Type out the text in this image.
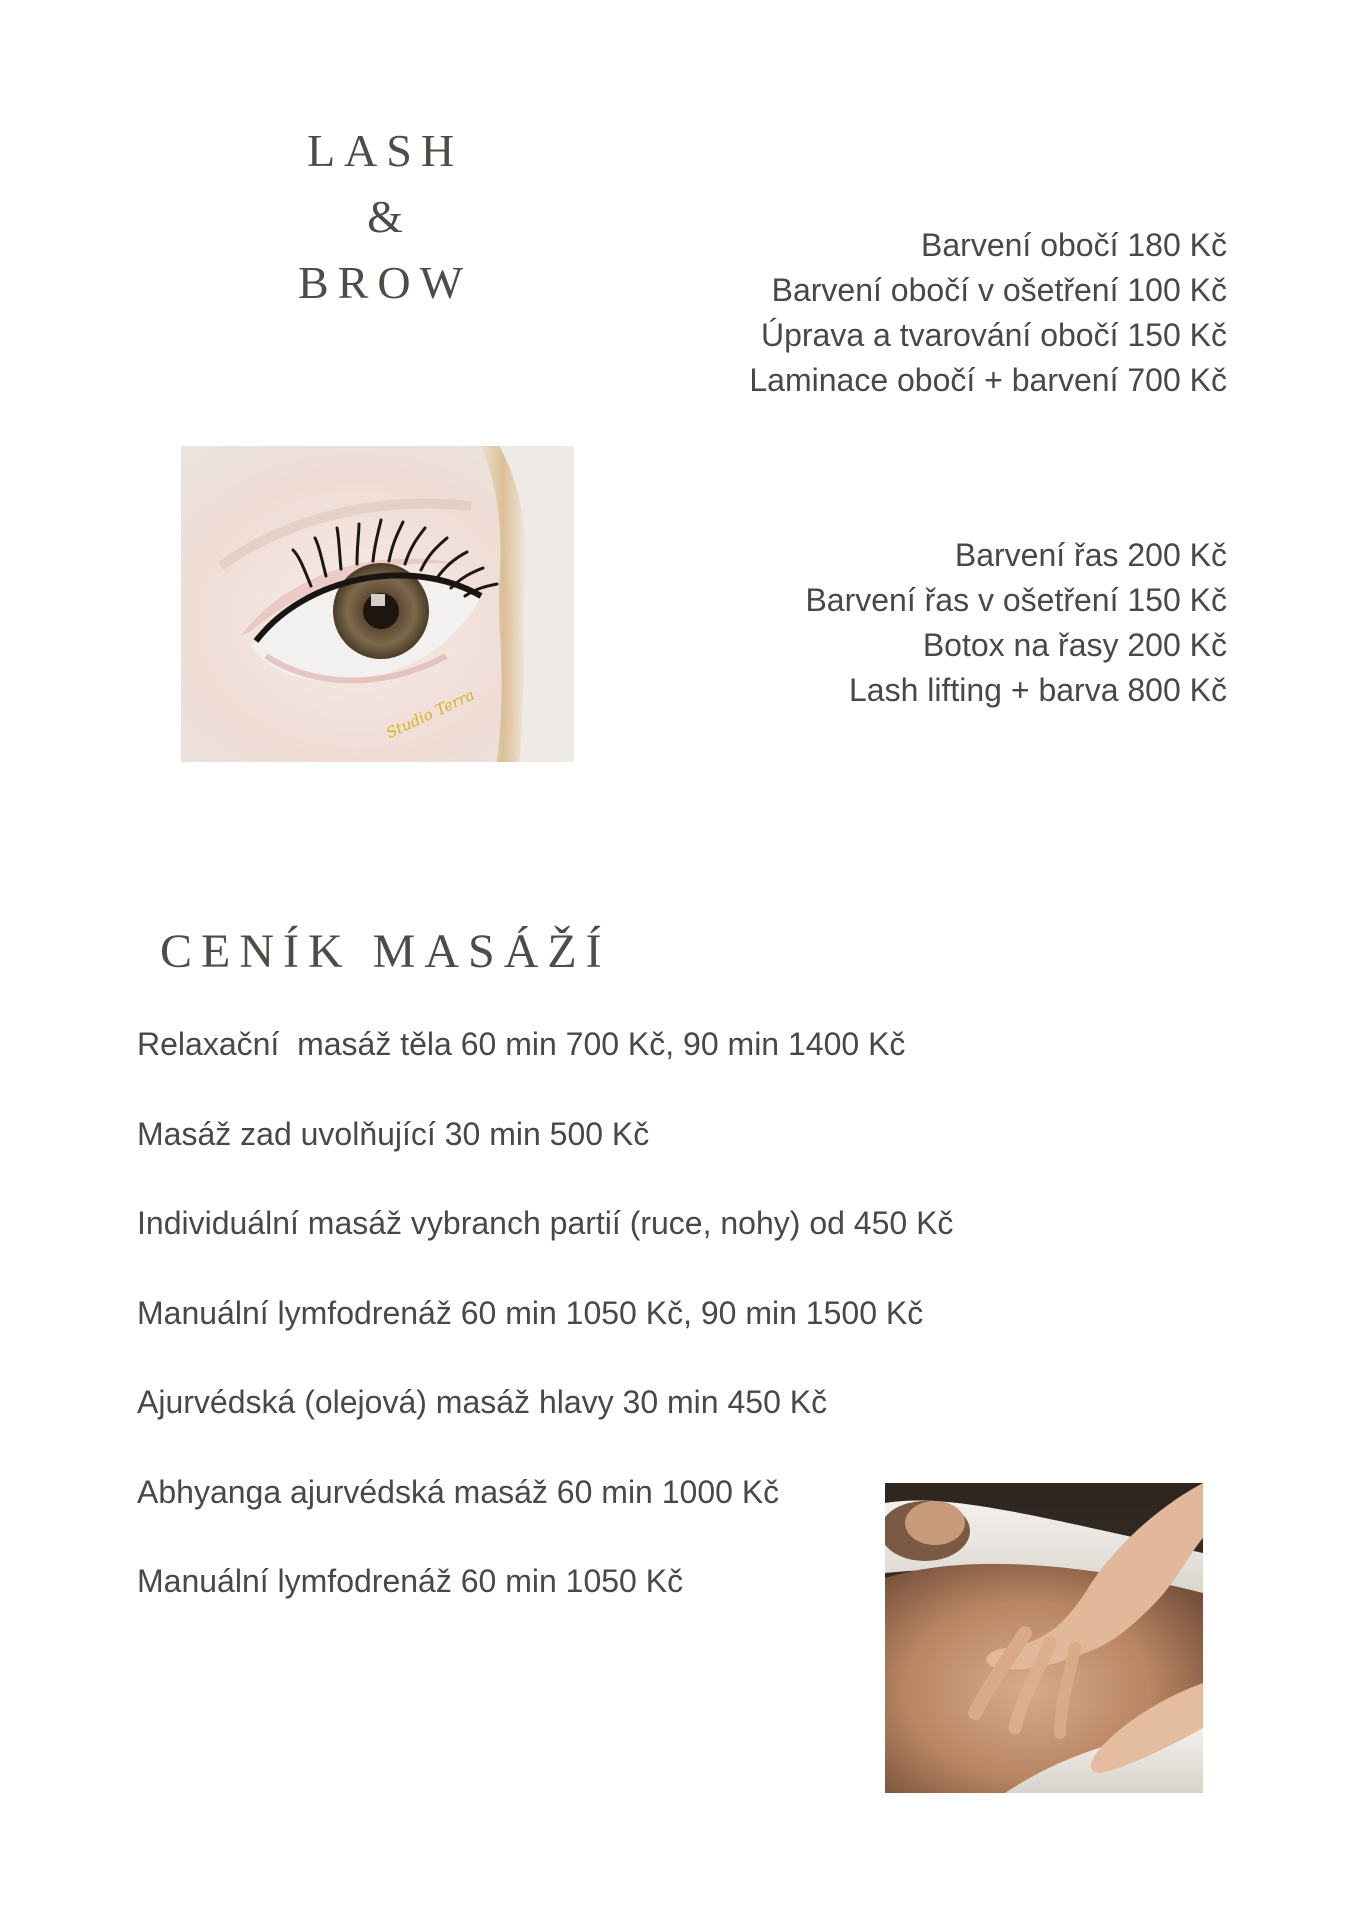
LASH
&
BROW
Barvení obočí 180 Kč
Barvení obočí v ošetření 100 Kč
Úprava a tvarování obočí 150 Kč
Laminace obočí + barvení 700 Kč
Studio Terra
Barvení řas 200 Kč
Barvení řas v ošetření 150 Kč
Botox na řasy 200 Kč
Lash lifting + barva 800 Kč
CENÍK MASÁŽÍ
Relaxační  masáž těla 60 min 700 Kč, 90 min 1400 Kč
Masáž zad uvolňující 30 min 500 Kč
Individuální masáž vybranch partií (ruce, nohy) od 450 Kč
Manuální lymfodrenáž 60 min 1050 Kč, 90 min 1500 Kč
Ajurvédská (olejová) masáž hlavy 30 min 450 Kč
Abhyanga ajurvédská masáž 60 min 1000 Kč
Manuální lymfodrenáž 60 min 1050 Kč
